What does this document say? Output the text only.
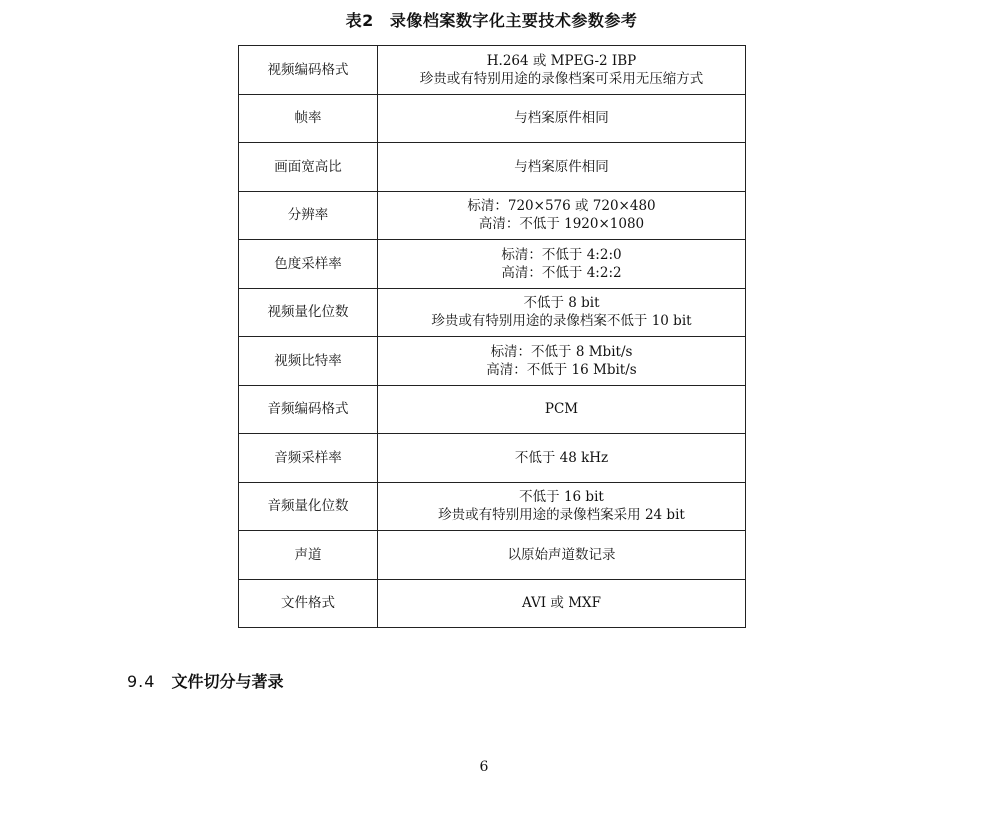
表2 录像档案数字化主要技术参数参考
视频编码格式	H.264 或 MPEG-2 IBP
珍贵或有特别用途的录像档案可采用无压缩方式

帧率	与档案原件相同

画面宽高比	与档案原件相同

分辨率	标清：720×576 或 720×480
高清：不低于 1920×1080

色度采样率	标清：不低于 4:2:0
高清：不低于 4:2:2

视频量化位数	不低于 8 bit
珍贵或有特别用途的录像档案不低于 10 bit

视频比特率	标清：不低于 8 Mbit/s
高清：不低于 16 Mbit/s

音频编码格式	PCM

音频采样率	不低于 48 kHz

音频量化位数	不低于 16 bit
珍贵或有特别用途的录像档案采用 24 bit

声道	以原始声道数记录

文件格式	AVI 或 MXF
9.4 文件切分与著录
6
